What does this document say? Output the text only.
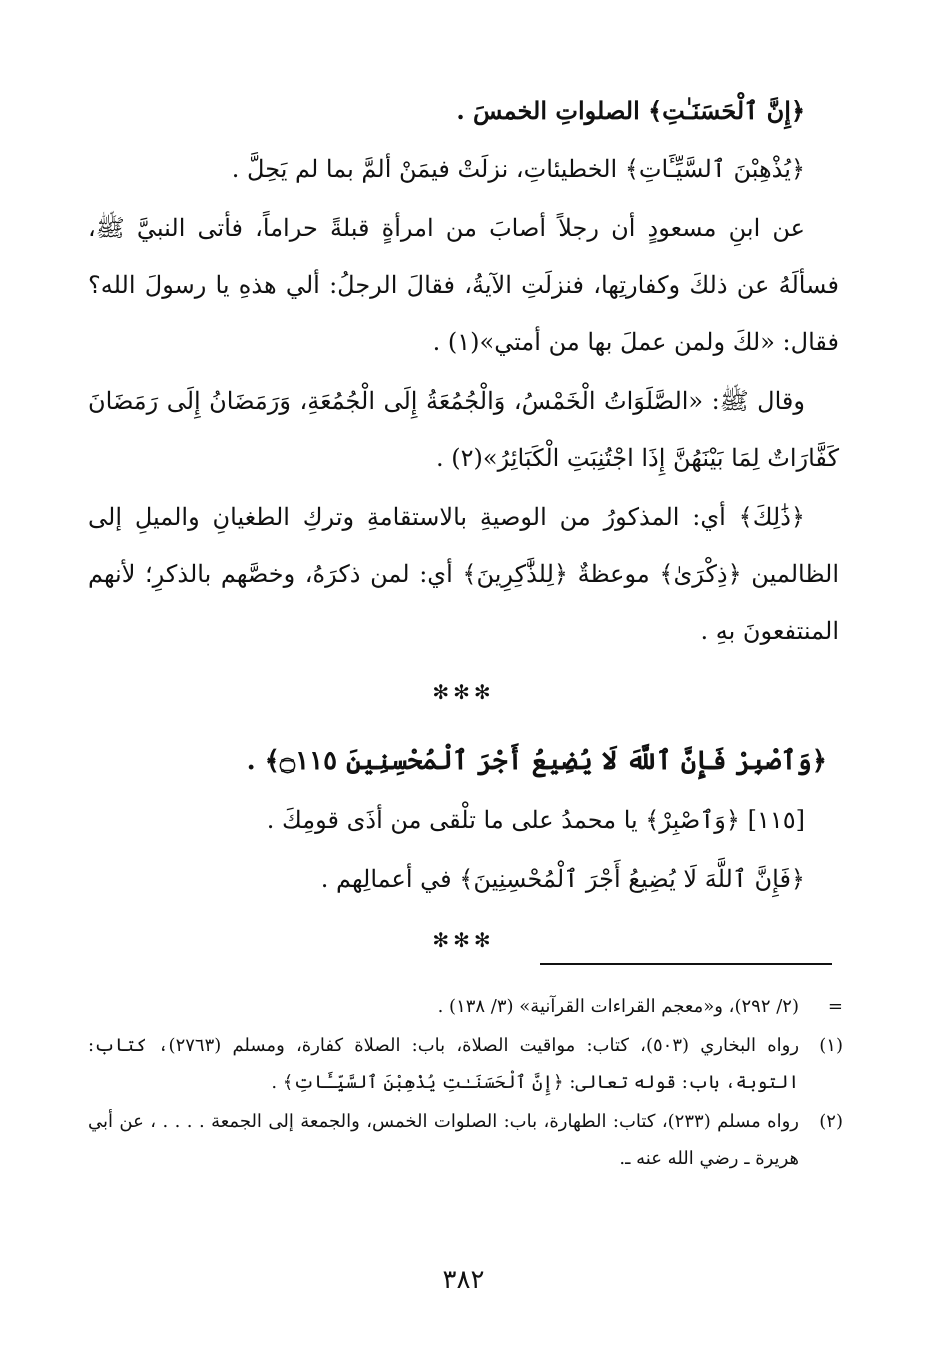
﴿إِنَّ ٱلْحَسَنَـٰتِ﴾ الصلواتِ الخمسَ .

﴿يُذْهِبْنَ ٱلسَّيِّـَٔاتِ﴾ الخطيئاتِ، نزلَتْ فيمَنْ ألمَّ بما لم يَحِلَّ .

عن ابنِ مسعودٍ أن رجلاً أصابَ من امرأةٍ قبلةً حراماً، فأتى النبيَّ ﷺ، فسألَهُ عن ذلكَ وكفارتِها، فنزلَتِ الآيةُ، فقالَ الرجلُ: ألي هذهِ يا رسولَ الله؟ فقال: «لكَ ولمن عملَ بها من أمتي»(١) .

وقال ﷺ: «الصَّلَوَاتُ الْخَمْسُ، وَالْجُمُعَةُ إِلَى الْجُمُعَةِ، وَرَمَضَانُ إِلَى رَمَضَانَ كَفَّارَاتٌ لِمَا بَيْنَهُنَّ إِذَا اجْتُنِبَتِ الْكَبَائِرُ»(٢) .

﴿ذَٰلِكَ﴾ أي: المذكورُ من الوصيةِ بالاستقامةِ وتركِ الطغيانِ والميلِ إلى الظالمين ﴿ذِكْرَىٰ﴾ موعظةٌ ﴿لِلذَّٰكِرِينَ﴾ أي: لمن ذكرَهُ، وخصَّهم بالذكرِ؛ لأنهم المنتفعونَ بهِ .

✻✻✻

﴿وَٱصْبِرْ فَإِنَّ ٱللَّهَ لَا يُضِيعُ أَجْرَ ٱلْمُحْسِنِينَ ۝١١٥﴾ .

[١١٥] ﴿وَٱصْبِرْ﴾ يا محمدُ على ما تلْقى من أذَى قومِكَ .

﴿فَإِنَّ ٱللَّهَ لَا يُضِيعُ أَجْرَ ٱلْمُحْسِنِينَ﴾ في أعمالِهم .

✻✻✻
=
(٢/ ٢٩٢)، و«معجم القراءات القرآنية» (٣/ ١٣٨) .
(١)
رواه البخاري (٥٠٣)، كتاب: مواقيت الصلاة، باب: الصلاة كفارة، ومسلم (٢٧٦٣)، كتاب: التوبة، باب: قوله تعالى: ﴿إِنَّ ٱلْحَسَنَـٰتِ يُذْهِبْنَ ٱلسَّيِّـَٔاتِ﴾ .
(٢)
رواه مسلم (٢٣٣)، كتاب: الطهارة، باب: الصلوات الخمس، والجمعة إلى الجمعة . . . . ، عن أبي هريرة ـ رضي الله عنه ـ.
٣٨٢
